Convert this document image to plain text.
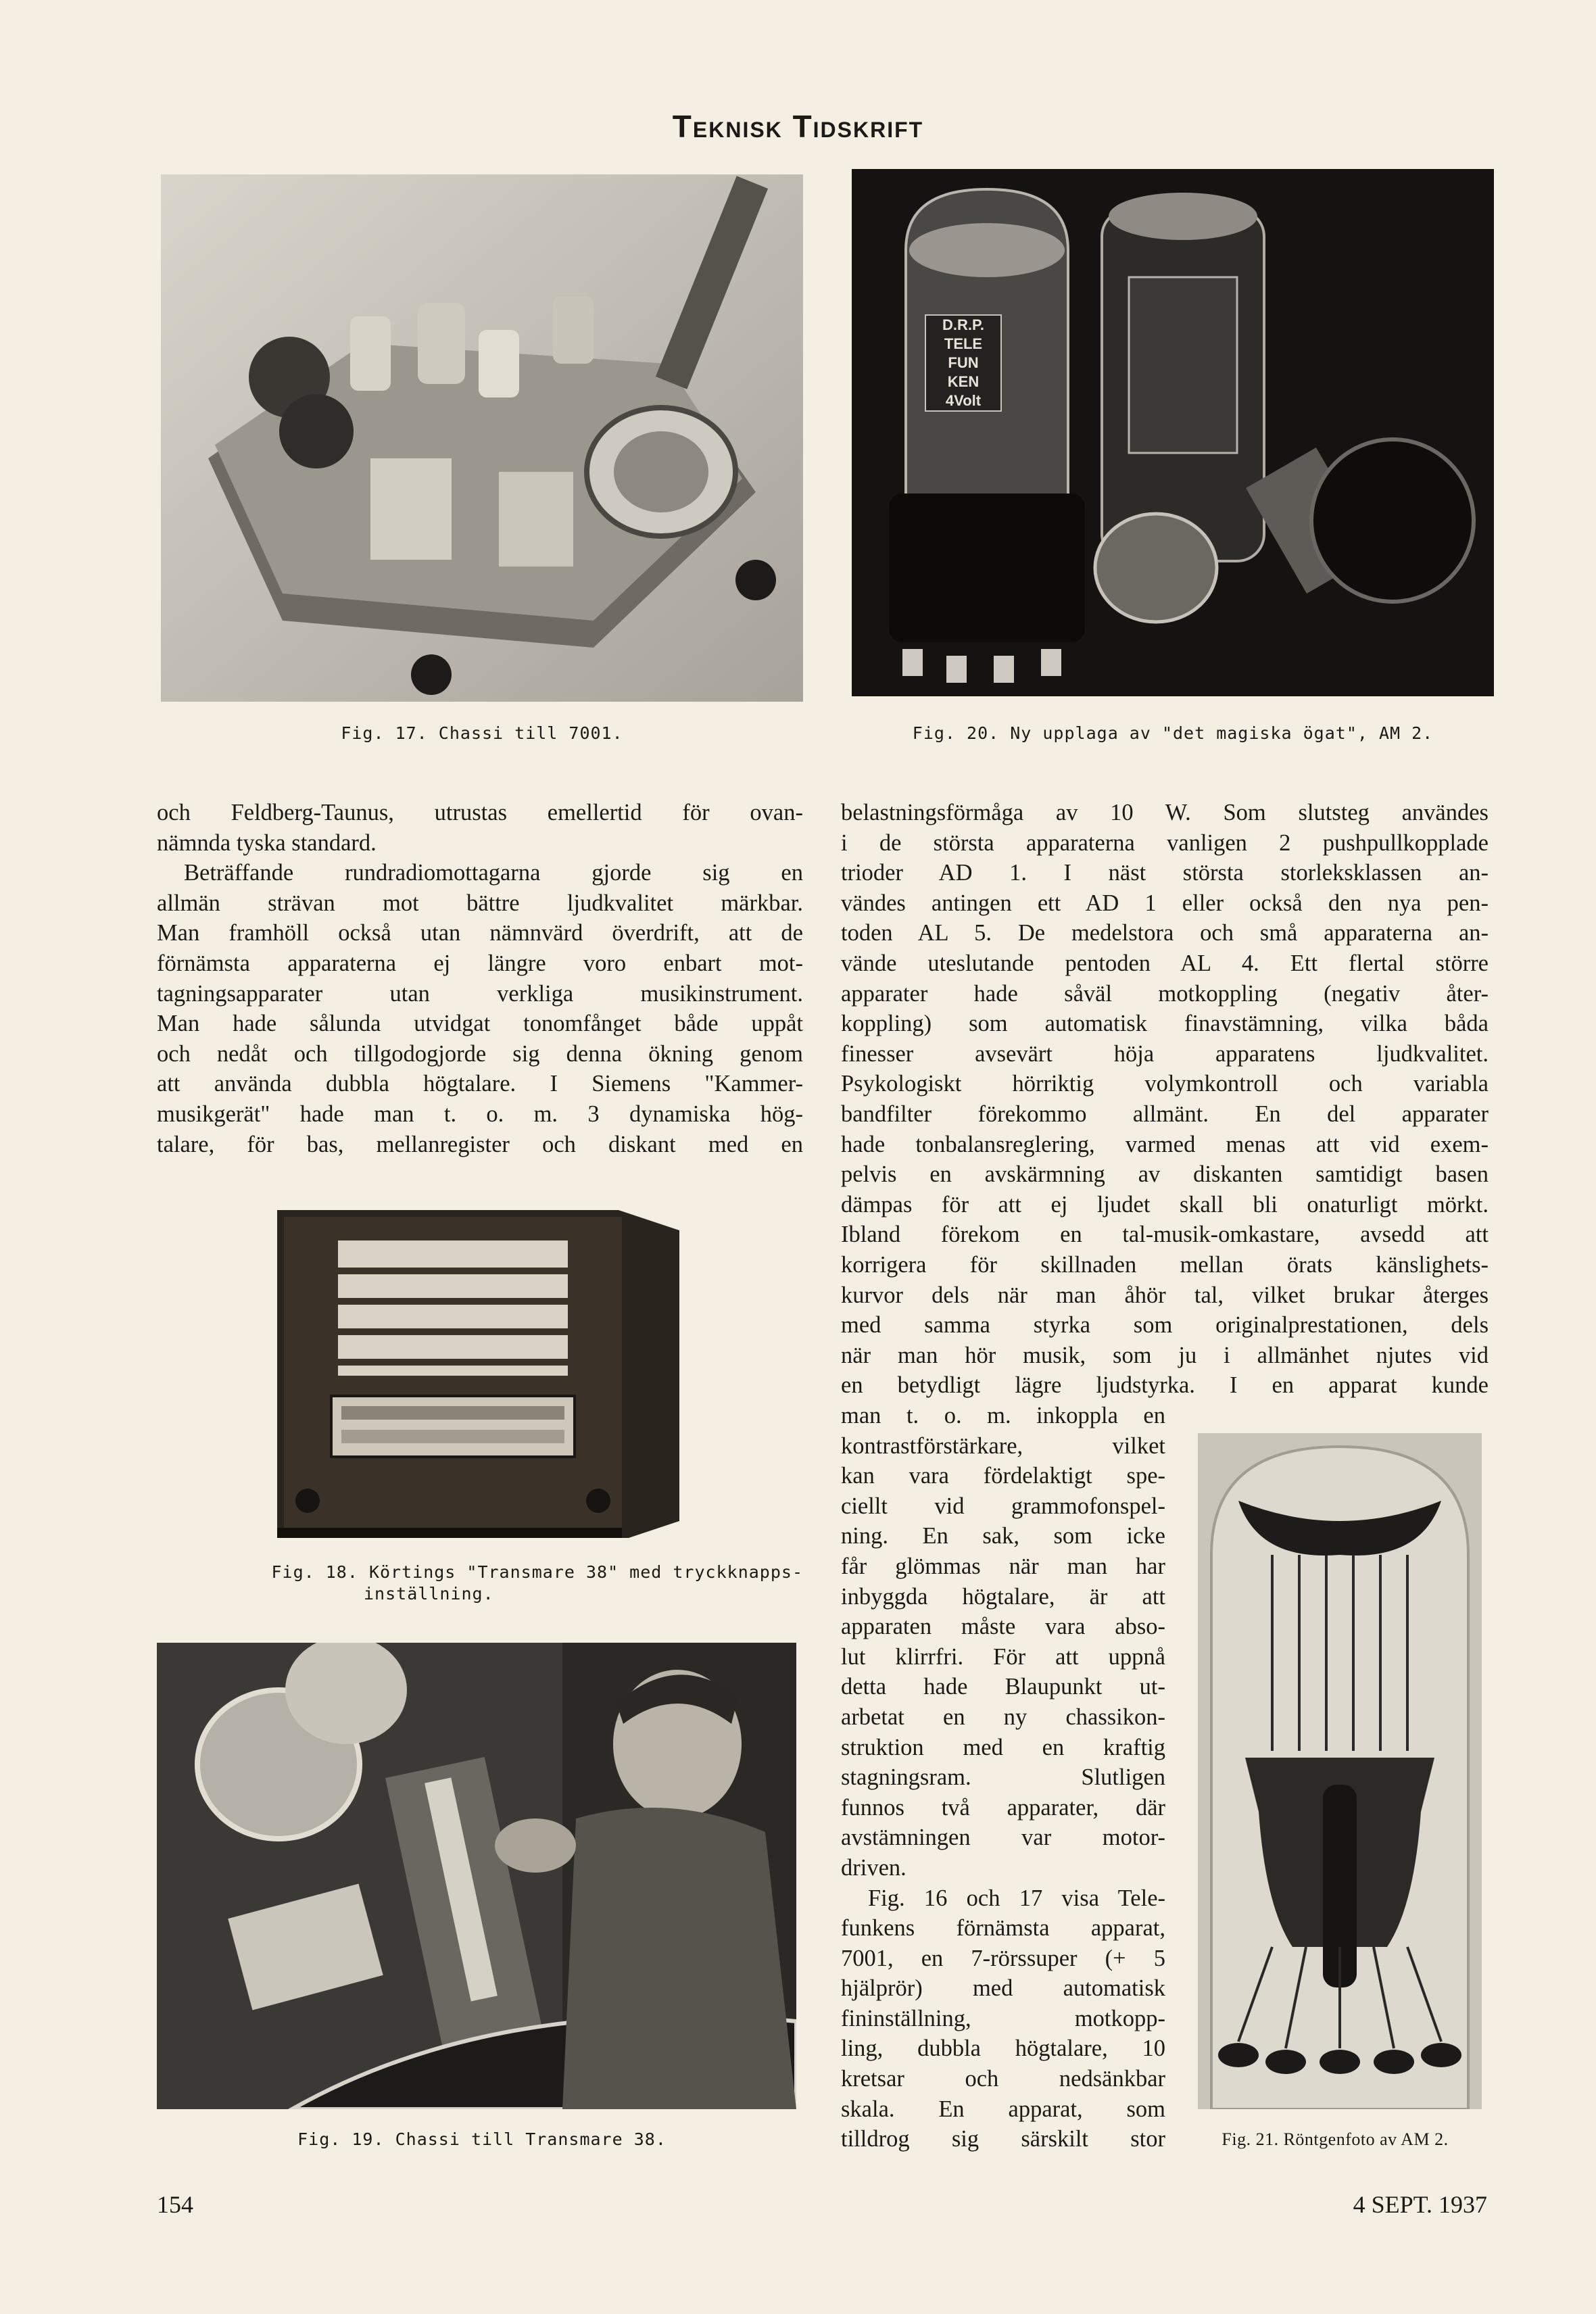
Teknisk Tidskrift
Fig. 17. Chassi till 7001.
D.R.P.
TELE
FUN
KEN
4Volt
Fig. 20. Ny upplaga av "det magiska ögat", AM 2.
och Feldberg-Taunus, utrustas emellertid för ovan-
nämnda tyska standard.
Beträffande rundradiomottagarna gjorde sig en
allmän strävan mot bättre ljudkvalitet märkbar.
Man framhöll också utan nämnvärd överdrift, att de
förnämsta apparaterna ej längre voro enbart mot-
tagningsapparater utan verkliga musikinstrument.
Man hade sålunda utvidgat tonomfånget både uppåt
och nedåt och tillgodogjorde sig denna ökning genom
att använda dubbla högtalare. I Siemens "Kammer-
musikgerät" hade man t. o. m. 3 dynamiska hög-
talare, för bas, mellanregister och diskant med en
Fig. 18. Körtings "Transmare 38" med tryckknapps-
inställning.
Fig. 19. Chassi till Transmare 38.
belastningsförmåga av 10 W. Som slutsteg användes
i de största apparaterna vanligen 2 pushpullkopplade
trioder AD 1. I näst största storleksklassen an-
vändes antingen ett AD 1 eller också den nya pen-
toden AL 5. De medelstora och små apparaterna an-
vände uteslutande pentoden AL 4. Ett flertal större
apparater hade såväl motkoppling (negativ åter-
koppling) som automatisk finavstämning, vilka båda
finesser avsevärt höja apparatens ljudkvalitet.
Psykologiskt hörriktig volymkontroll och variabla
bandfilter förekommo allmänt. En del apparater
hade tonbalansreglering, varmed menas att vid exem-
pelvis en avskärmning av diskanten samtidigt basen
dämpas för att ej ljudet skall bli onaturligt mörkt.
Ibland förekom en tal-musik-omkastare, avsedd att
korrigera för skillnaden mellan örats känslighets-
kurvor dels när man åhör tal, vilket brukar återges
med samma styrka som originalprestationen, dels
när man hör musik, som ju i allmänhet njutes vid
en betydligt lägre ljudstyrka. I en apparat kunde
man t. o. m. inkoppla en
kontrastförstärkare, vilket
kan vara fördelaktigt spe-
ciellt vid grammofonspel-
ning. En sak, som icke
får glömmas när man har
inbyggda högtalare, är att
apparaten måste vara abso-
lut klirrfri. För att uppnå
detta hade Blaupunkt ut-
arbetat en ny chassikon-
struktion med en kraftig
stagningsram. Slutligen
funnos två apparater, där
avstämningen var motor-
driven.
Fig. 16 och 17 visa Tele-
funkens förnämsta apparat,
7001, en 7-rörssuper (+ 5
hjälprör) med automatisk
fininställning, motkopp-
ling, dubbla högtalare, 10
kretsar och nedsänkbar
skala. En apparat, som
tilldrog sig särskilt stor	Fig. 21. Röntgenfoto av AM 2.
154	4 SEPT. 1937
